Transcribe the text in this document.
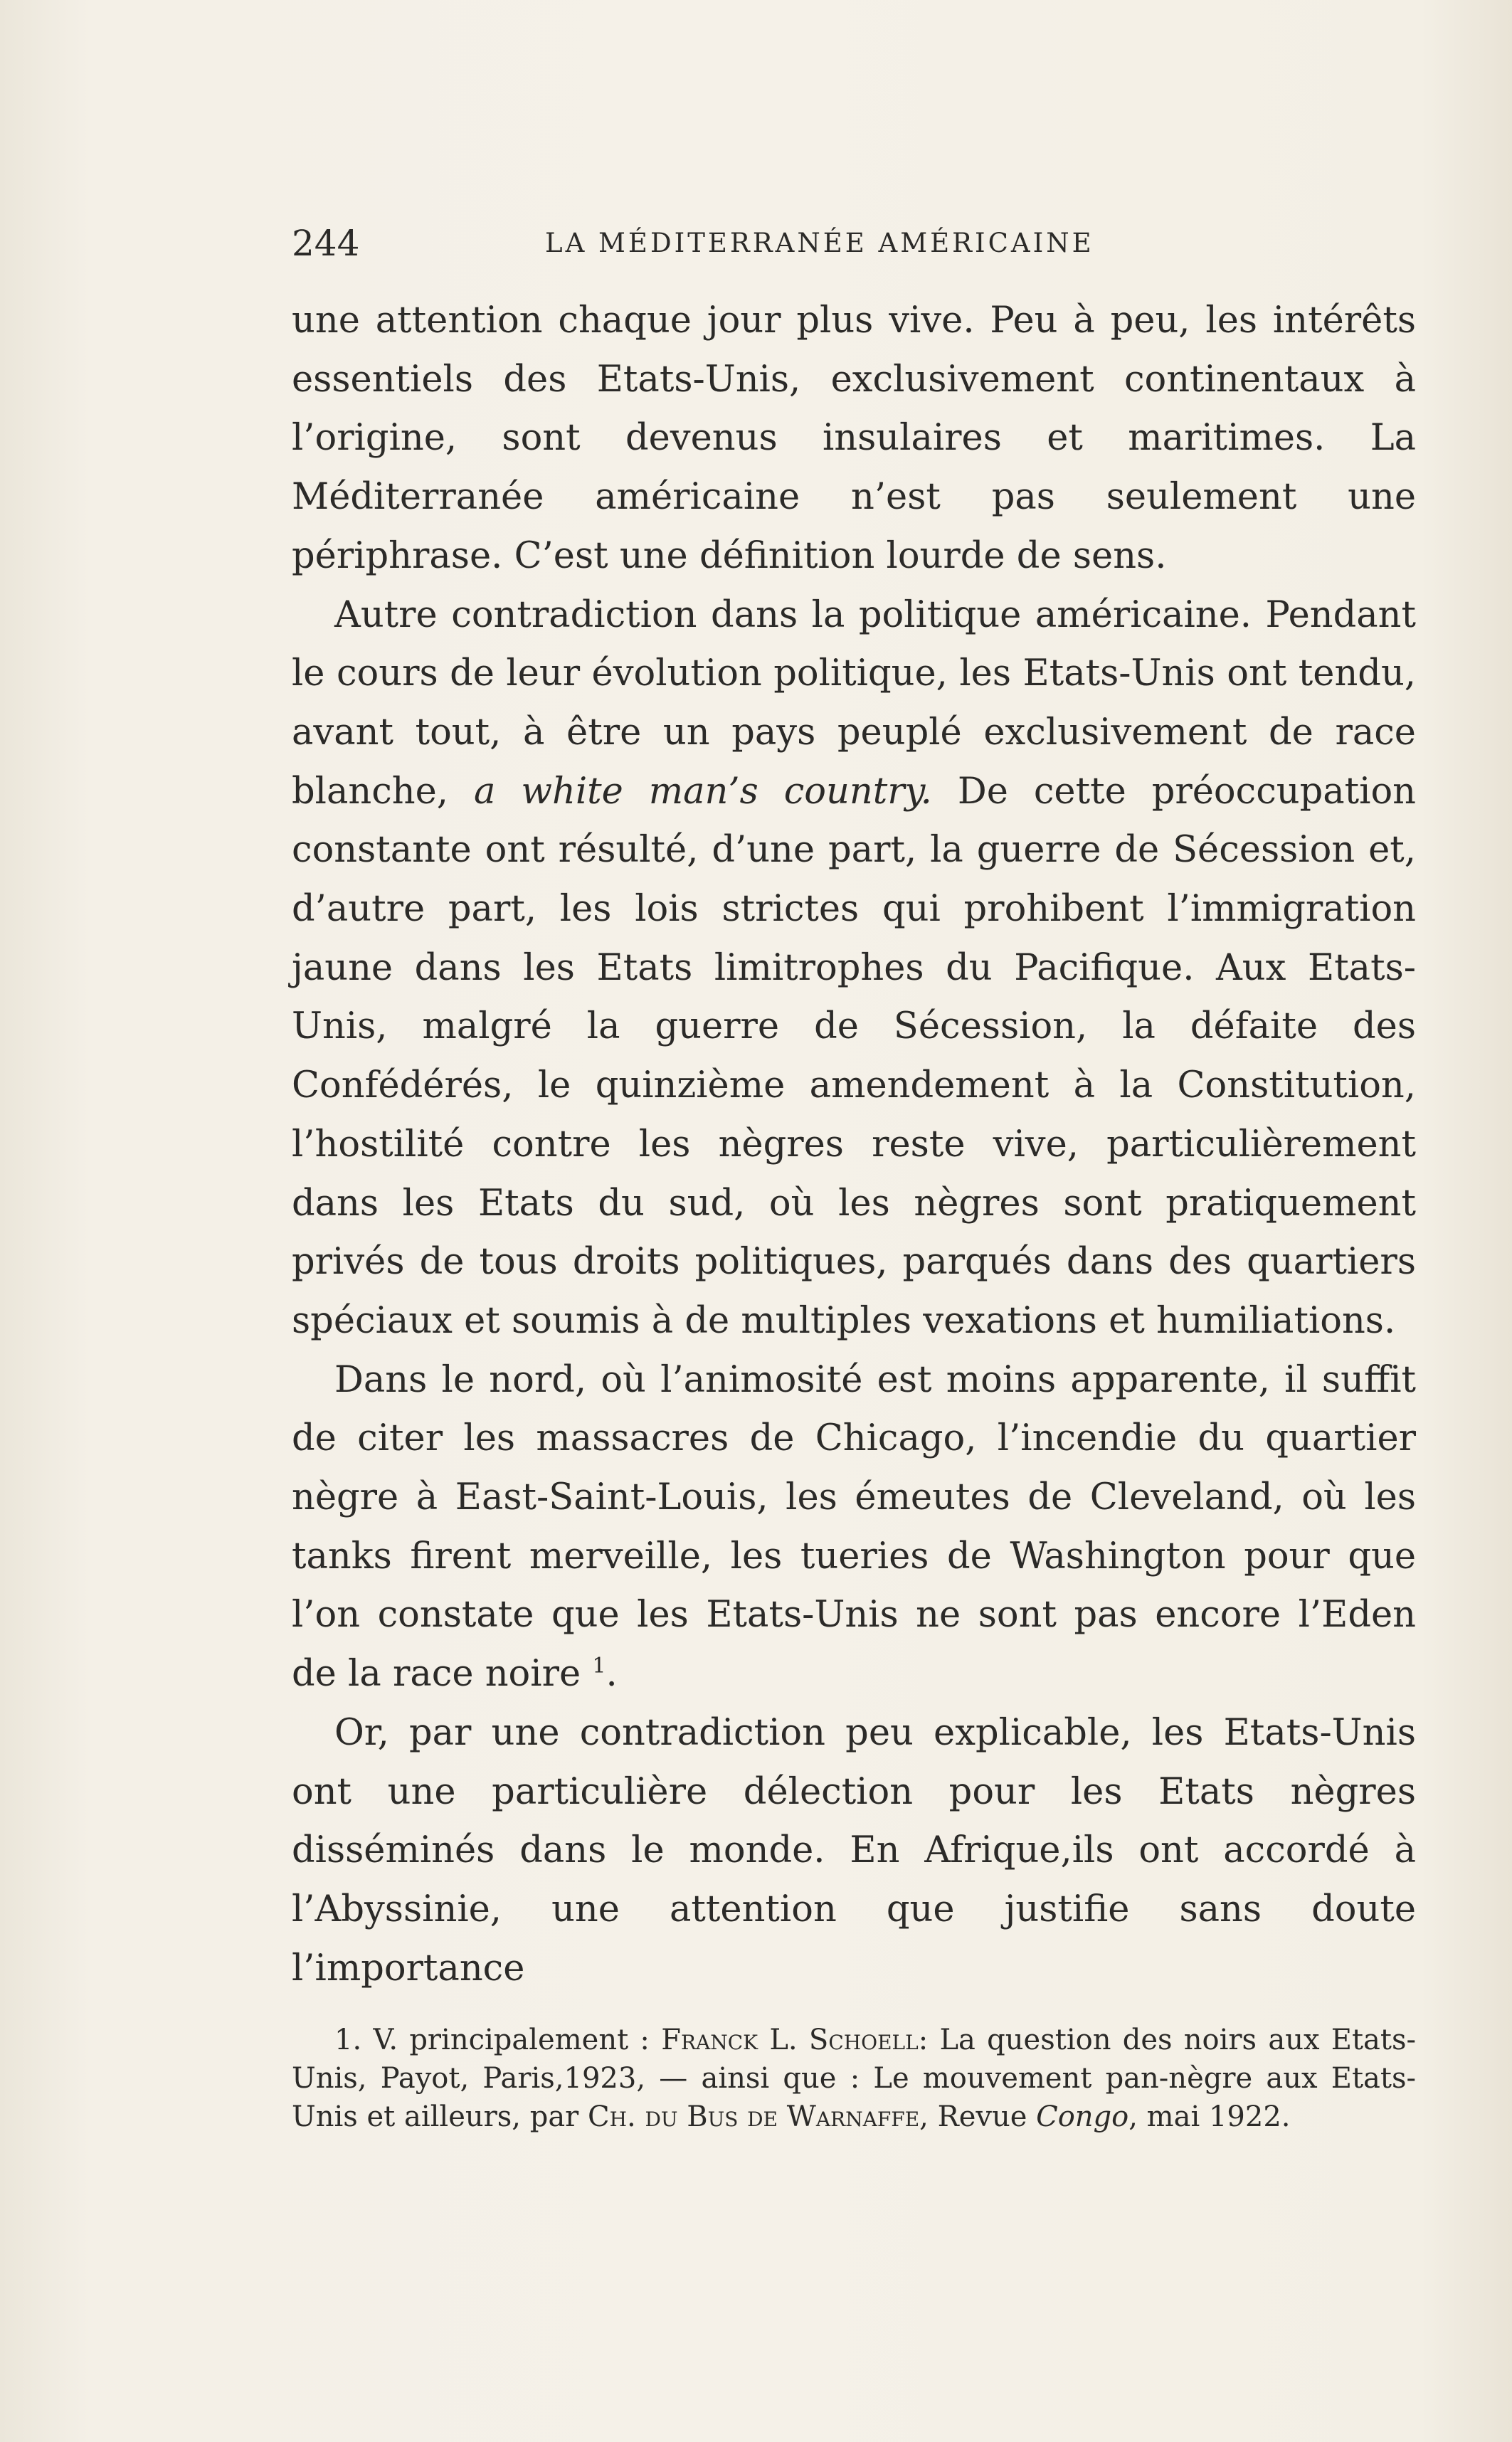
244	LA MÉDITERRANÉE AMÉRICAINE

une attention chaque jour plus vive. Peu à peu, les intérêts essentiels des Etats-Unis, exclusivement continentaux à l’origine, sont devenus insulaires et maritimes. La Méditerranée américaine n’est pas seulement une périphrase. C’est une définition lourde de sens.

Autre contradiction dans la politique américaine. Pendant le cours de leur évolution politique, les Etats-Unis ont tendu, avant tout, à être un pays peuplé exclusivement de race blanche, a white man’s country. De cette préoccupation constante ont résulté, d’une part, la guerre de Sécession et, d’autre part, les lois strictes qui prohibent l’immigration jaune dans les Etats limitrophes du Pacifique. Aux Etats-Unis, malgré la guerre de Sécession, la défaite des Confédérés, le quinzième amendement à la Constitution, l’hostilité contre les nègres reste vive, particulièrement dans les Etats du sud, où les nègres sont pratiquement privés de tous droits politiques, parqués dans des quartiers spéciaux et soumis à de multiples vexations et humiliations.

Dans le nord, où l’animosité est moins apparente, il suffit de citer les massacres de Chicago, l’incendie du quartier nègre à East-Saint-Louis, les émeutes de Cleveland, où les tanks firent merveille, les tueries de Washington pour que l’on constate que les Etats-Unis ne sont pas encore l’Eden de la race noire $^1$.

Or, par une contradiction peu explicable, les Etats-Unis ont une particulière délection pour les Etats nègres disséminés dans le monde. En Afrique,ils ont accordé à l’Abyssinie, une attention que justifie sans doute l’importance

1. V. principalement : Franck L. Schoell: La question des noirs aux Etats-Unis, Payot, Paris,1923, — ainsi que : Le mouvement pan-nègre aux Etats-Unis et ailleurs, par Ch. du Bus de Warnaffe, Revue Congo, mai 1922.
